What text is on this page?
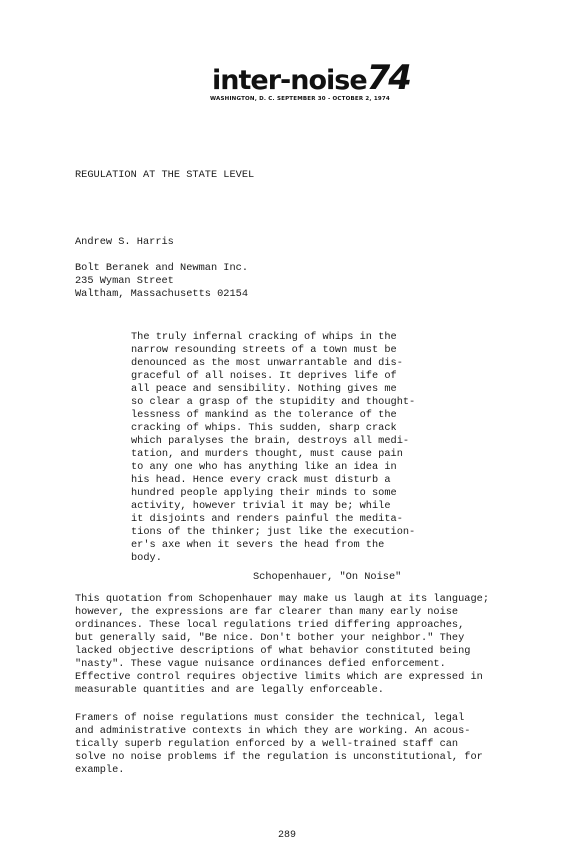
inter-noise74
WASHINGTON, D. C. SEPTEMBER 30 - OCTOBER 2, 1974
REGULATION AT THE STATE LEVEL
Andrew S. Harris
Bolt Beranek and Newman Inc.
235 Wyman Street
Waltham, Massachusetts 02154
The truly infernal cracking of whips in the
narrow resounding streets of a town must be
denounced as the most unwarrantable and dis-
graceful of all noises. It deprives life of
all peace and sensibility. Nothing gives me
so clear a grasp of the stupidity and thought-
lessness of mankind as the tolerance of the
cracking of whips. This sudden, sharp crack
which paralyses the brain, destroys all medi-
tation, and murders thought, must cause pain
to any one who has anything like an idea in
his head. Hence every crack must disturb a
hundred people applying their minds to some
activity, however trivial it may be; while
it disjoints and renders painful the medita-
tions of the thinker; just like the execution-
er's axe when it severs the head from the
body.
Schopenhauer, "On Noise"
This quotation from Schopenhauer may make us laugh at its language;
however, the expressions are far clearer than many early noise
ordinances. These local regulations tried differing approaches,
but generally said, "Be nice. Don't bother your neighbor." They
lacked objective descriptions of what behavior constituted being
"nasty". These vague nuisance ordinances defied enforcement.
Effective control requires objective limits which are expressed in
measurable quantities and are legally enforceable.
Framers of noise regulations must consider the technical, legal
and administrative contexts in which they are working. An acous-
tically superb regulation enforced by a well-trained staff can
solve no noise problems if the regulation is unconstitutional, for
example.
289
